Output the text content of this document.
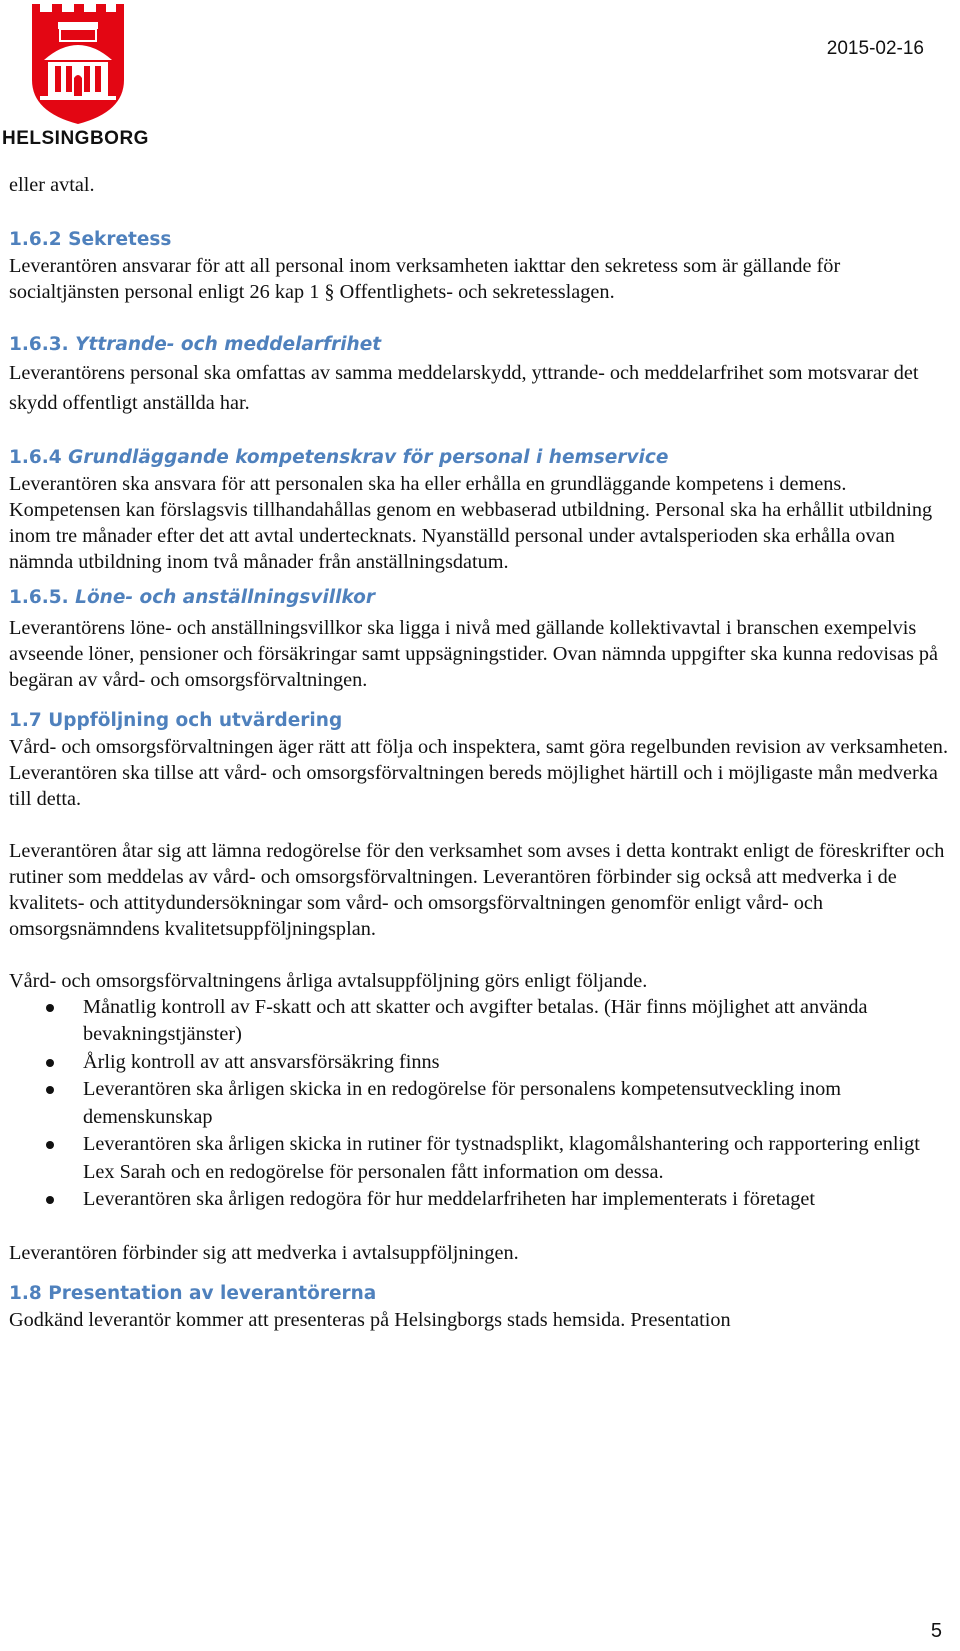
HELSINGBORG
2015-02-16

eller avtal.

1.6.2 Sekretess

Leverantören ansvarar för att all personal inom verksamheten iakttar den sekretess som är gällande för socialtjänsten personal enligt 26 kap 1 § Offentlighets- och sekretesslagen.

1.6.3. Yttrande- och meddelarfrihet

Leverantörens personal ska omfattas av samma meddelarskydd, yttrande- och meddelarfrihet som motsvarar det skydd offentligt anställda har.

1.6.4 Grundläggande kompetenskrav för personal i hemservice

Leverantören ska ansvara för att personalen ska ha eller erhålla en grundläggande kompetens i demens. Kompetensen kan förslagsvis tillhandahållas genom en webbaserad utbildning. Personal ska ha erhållit utbildning inom tre månader efter det att avtal undertecknats. Nyanställd personal under avtalsperioden ska erhålla ovan nämnda utbildning inom två månader från anställningsdatum.

1.6.5. Löne- och anställningsvillkor

Leverantörens löne- och anställningsvillkor ska ligga i nivå med gällande kollektivavtal i branschen exempelvis avseende löner, pensioner och försäkringar samt uppsägningstider. Ovan nämnda uppgifter ska kunna redovisas på begäran av vård- och omsorgsförvaltningen.

1.7 Uppföljning och utvärdering

Vård- och omsorgsförvaltningen äger rätt att följa och inspektera, samt göra regelbunden revision av verksamheten. Leverantören ska tillse att vård- och omsorgsförvaltningen bereds möjlighet härtill och i möjligaste mån medverka till detta.

Leverantören åtar sig att lämna redogörelse för den verksamhet som avses i detta kontrakt enligt de föreskrifter och rutiner som meddelas av vård- och omsorgsförvaltningen. Leverantören förbinder sig också att medverka i de kvalitets- och attitydundersökningar som vård- och omsorgsförvaltningen genomför enligt vård- och omsorgsnämndens kvalitetsuppföljningsplan.

Vård- och omsorgsförvaltningens årliga avtalsuppföljning görs enligt följande.

Månatlig kontroll av F-skatt och att skatter och avgifter betalas. (Här finns möjlighet att använda bevakningstjänster)
Årlig kontroll av att ansvarsförsäkring finns
Leverantören ska årligen skicka in en redogörelse för personalens kompetensutveckling inom demenskunskap
Leverantören ska årligen skicka in rutiner för tystnadsplikt, klagomålshantering och rapportering enligt Lex Sarah och en redogörelse för personalen fått information om dessa.
Leverantören ska årligen redogöra för hur meddelarfriheten har implementerats i företaget

Leverantören förbinder sig att medverka i avtalsuppföljningen.

1.8 Presentation av leverantörerna

Godkänd leverantör kommer att presenteras på Helsingborgs stads hemsida. Presentation

5
